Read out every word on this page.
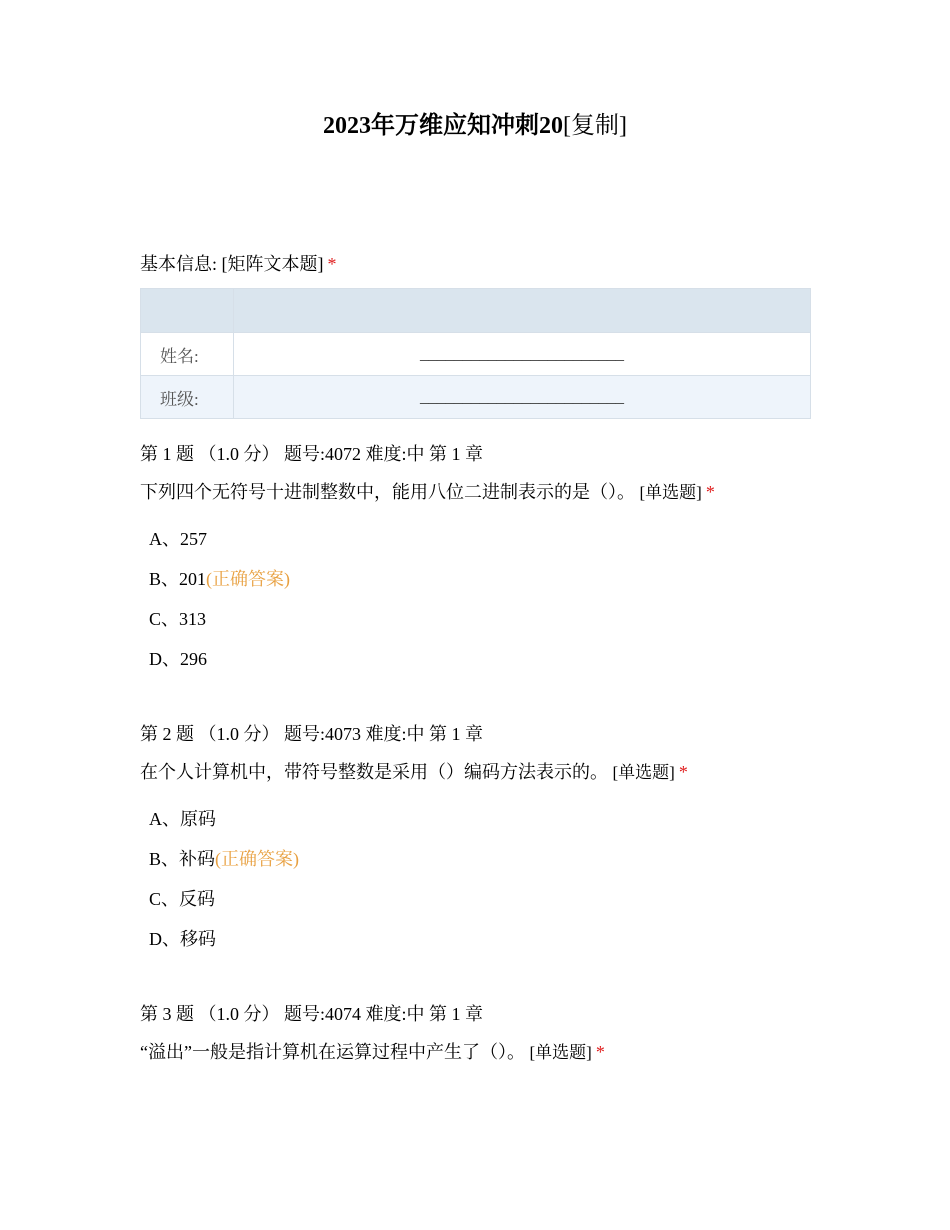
2023年万维应知冲刺20[复制]
基本信息: [矩阵文本题] *

姓名:	________________________
班级:	________________________
第 1 题 （1.0 分） 题号:4072 难度:中 第 1 章
下列四个无符号十进制整数中，能用八位二进制表示的是（）。 [单选题] *
A、257
B、201(正确答案)
C、313
D、296
第 2 题 （1.0 分） 题号:4073 难度:中 第 1 章
在个人计算机中，带符号整数是采用（）编码方法表示的。 [单选题] *
A、原码
B、补码(正确答案)
C、反码
D、移码
第 3 题 （1.0 分） 题号:4074 难度:中 第 1 章
“溢出”一般是指计算机在运算过程中产生了（）。 [单选题] *
